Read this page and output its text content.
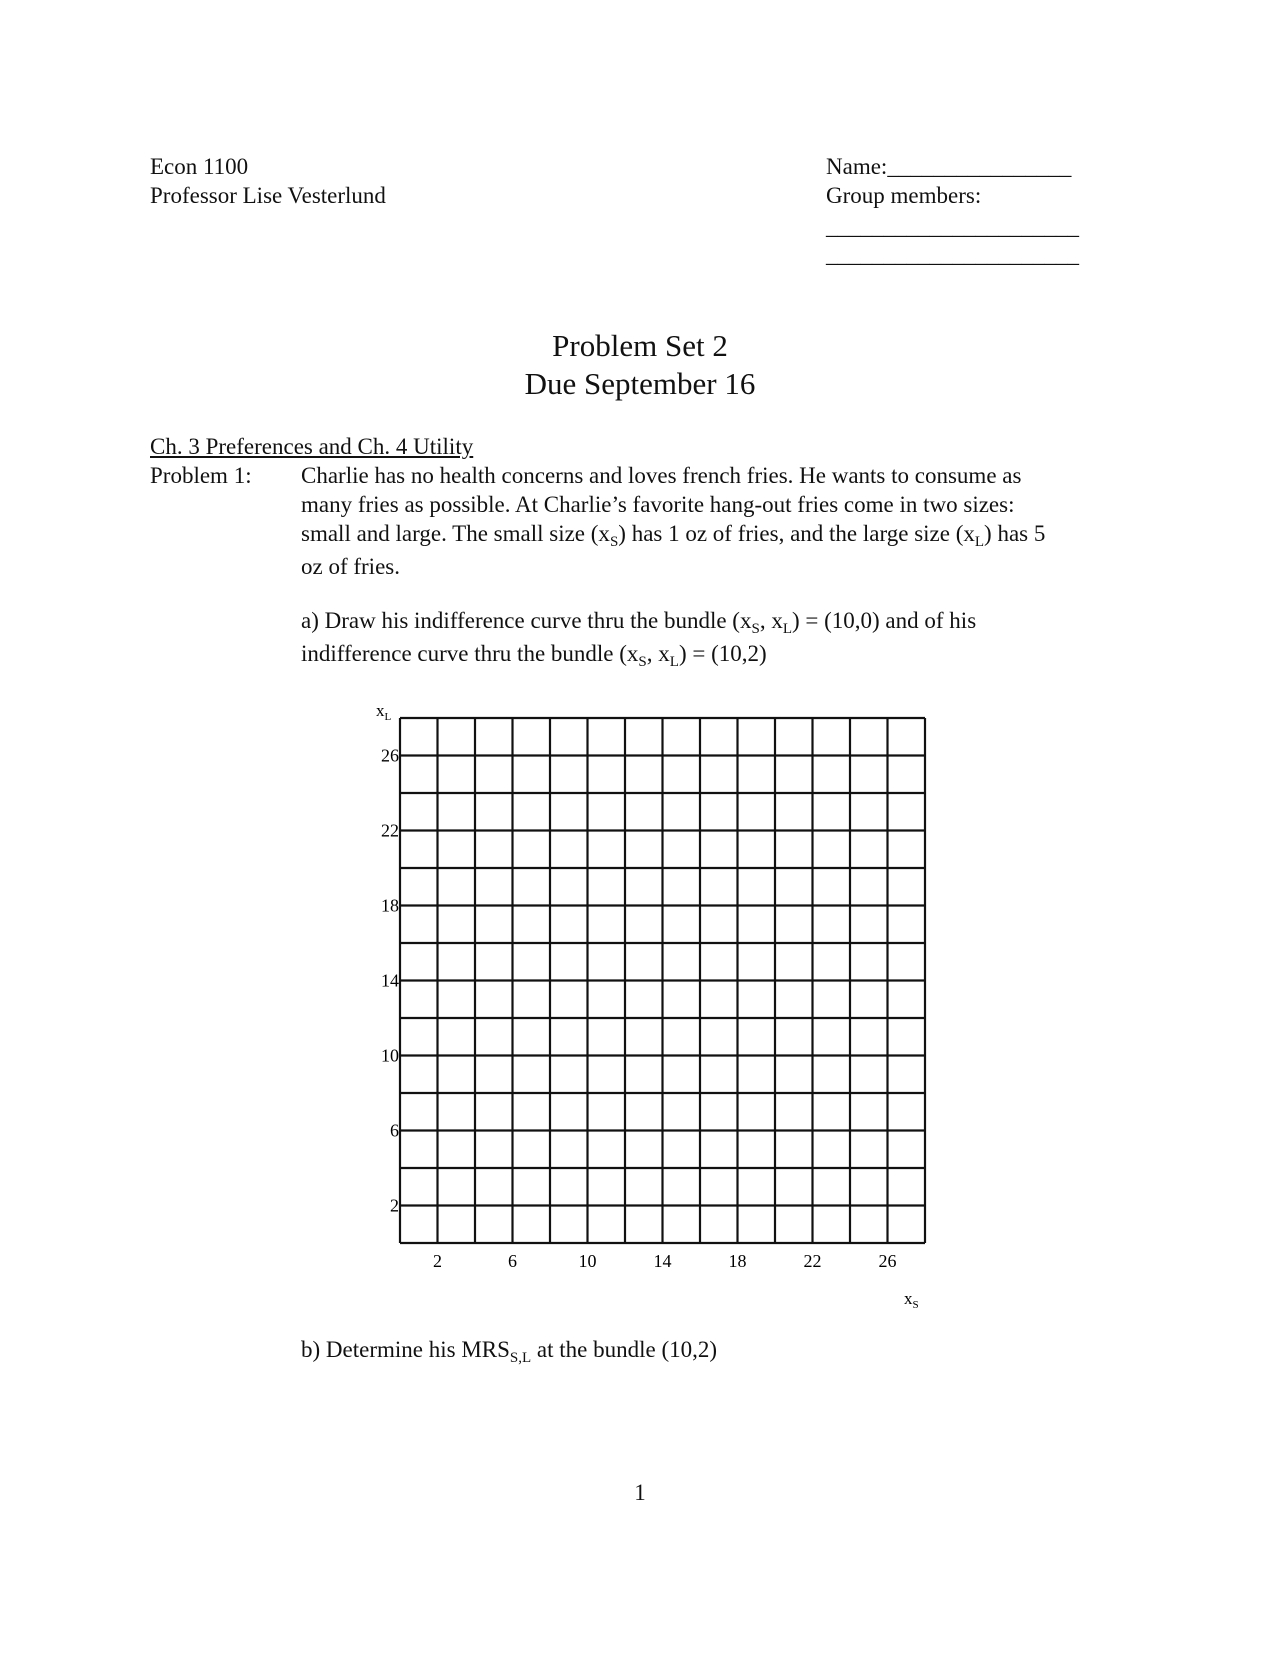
Econ 1100
Professor Lise Vesterlund
Name:________________
Group members:
______________________
______________________
Problem Set 2
Due September 16
Ch. 3 Preferences and Ch. 4 Utility
Problem 1: Charlie has no health concerns and loves french fries. He wants to consume as
many fries as possible. At Charlie’s favorite hang-out fries come in two sizes:
small and large. The small size $(x_S)$ has 1 oz of fries, and the large size $(x_L)$ has 5
oz of fries.
a) Draw his indifference curve thru the bundle ($x_S$, $x_L) = (10,0)$ and of his
indifference curve thru the bundle ($x_S$, $x_L) = (10,2)$
2	6	10	14	18	22	26
26
22
18
14
10
6
2
$x_L$
$x_S$
b) Determine his $MRS_{S,L}$ at the bundle (10,2)
1
